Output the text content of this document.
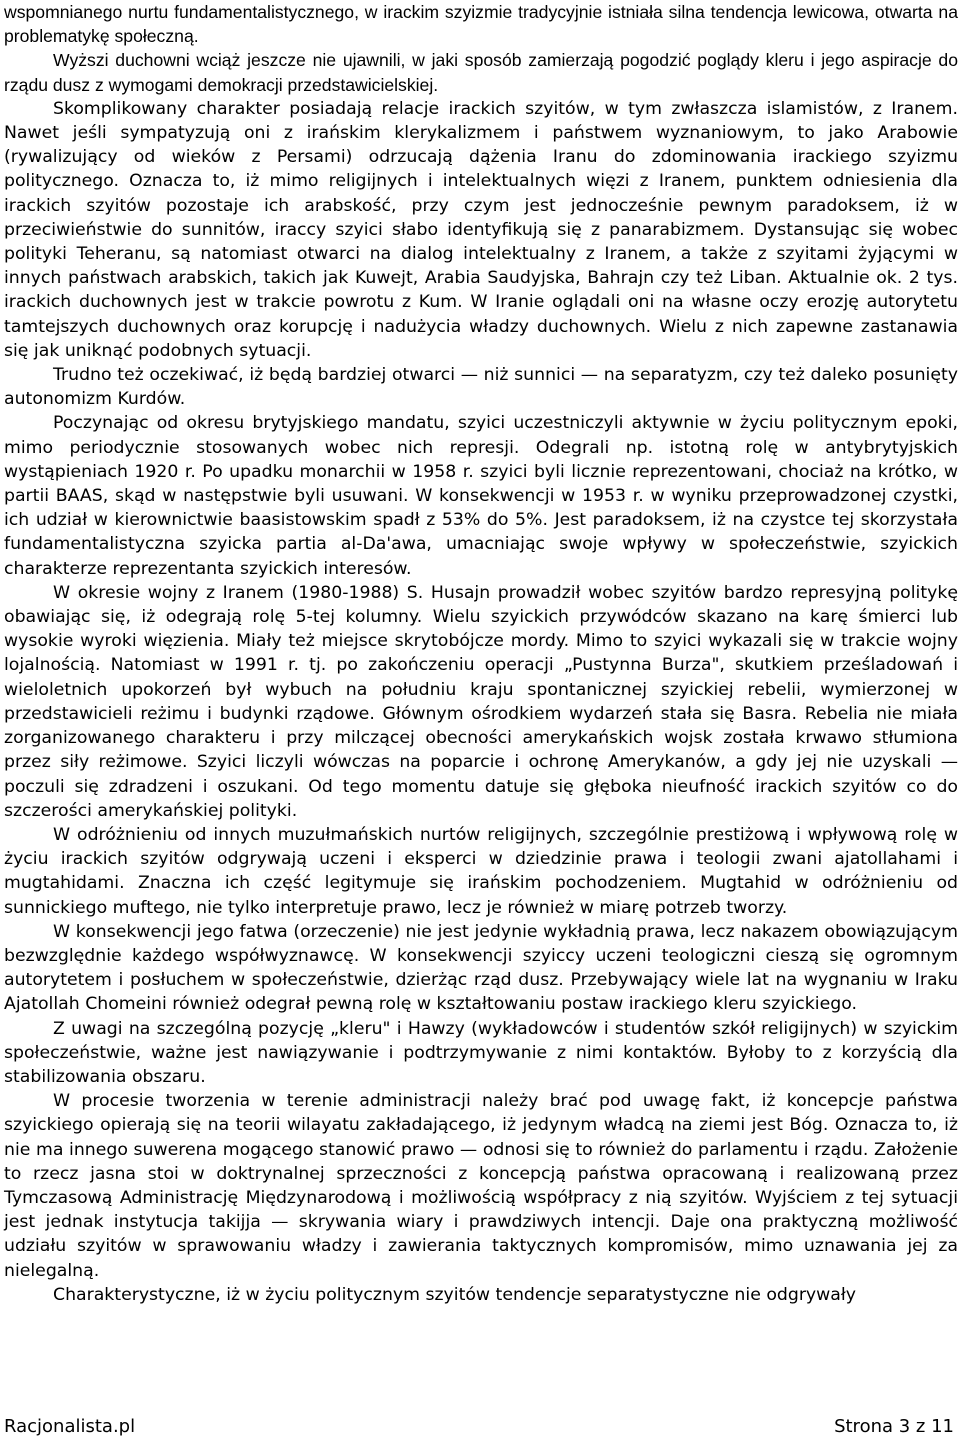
wspomnianego nurtu fundamentalistycznego, w irackim szyizmie tradycyjnie istniała silna tendencja lewicowa, otwarta na problematykę społeczną.

Wyższi duchowni wciąż jeszcze nie ujawnili, w jaki sposób zamierzają pogodzić poglądy kleru i jego aspiracje do rządu dusz z wymogami demokracji przedstawicielskiej.

Skomplikowany charakter posiadają relacje irackich szyitów, w tym zwłaszcza islamistów, z Iranem. Nawet jeśli sympatyzują oni z irańskim klerykalizmem i państwem wyznaniowym, to jako Arabowie (rywalizujący od wieków z Persami) odrzucają dążenia Iranu do zdominowania irackiego szyizmu politycznego. Oznacza to, iż mimo religijnych i intelektualnych więzi z Iranem, punktem odniesienia dla irackich szyitów pozostaje ich arabskość, przy czym jest jednocześnie pewnym paradoksem, iż w przeciwieństwie do sunnitów, iraccy szyici słabo identyfikują się z panarabizmem. Dystansując się wobec polityki Teheranu, są natomiast otwarci na dialog intelektualny z Iranem, a także z szyitami żyjącymi w innych państwach arabskich, takich jak Kuwejt, Arabia Saudyjska, Bahrajn czy też Liban. Aktualnie ok. 2 tys. irackich duchownych jest w trakcie powrotu z Kum. W Iranie oglądali oni na własne oczy erozję autorytetu tamtejszych duchownych oraz korupcję i nadużycia władzy duchownych. Wielu z nich zapewne zastanawia się jak uniknąć podobnych sytuacji.

Trudno też oczekiwać, iż będą bardziej otwarci — niż sunnici — na separatyzm, czy też daleko posunięty autonomizm Kurdów.

Poczynając od okresu brytyjskiego mandatu, szyici uczestniczyli aktywnie w życiu politycznym epoki, mimo periodycznie stosowanych wobec nich represji. Odegrali np. istotną rolę w antybrytyjskich wystąpieniach 1920 r. Po upadku monarchii w 1958 r. szyici byli licznie reprezentowani, chociaż na krótko, w partii BAAS, skąd w następstwie byli usuwani. W konsekwencji w 1953 r. w wyniku przeprowadzonej czystki, ich udział w kierownictwie baasistowskim spadł z 53% do 5%. Jest paradoksem, iż na czystce tej skorzystała fundamentalistyczna szyicka partia al-Da'awa, umacniając swoje wpływy w społeczeństwie, szyickich charakterze reprezentanta szyickich interesów.

W okresie wojny z Iranem (1980-1988) S. Husajn prowadził wobec szyitów bardzo represyjną politykę obawiając się, iż odegrają rolę 5-tej kolumny. Wielu szyickich przywódców skazano na karę śmierci lub wysokie wyroki więzienia. Miały też miejsce skrytobójcze mordy. Mimo to szyici wykazali się w trakcie wojny lojalnością. Natomiast w 1991 r. tj. po zakończeniu operacji „Pustynna Burza", skutkiem prześladowań i wieloletnich upokorzeń był wybuch na południu kraju spontanicznej szyickiej rebelii, wymierzonej w przedstawicieli reżimu i budynki rządowe. Głównym ośrodkiem wydarzeń stała się Basra. Rebelia nie miała zorganizowanego charakteru i przy milczącej obecności amerykańskich wojsk została krwawo stłumiona przez siły reżimowe. Szyici liczyli wówczas na poparcie i ochronę Amerykanów, a gdy jej nie uzyskali — poczuli się zdradzeni i oszukani. Od tego momentu datuje się głęboka nieufność irackich szyitów co do szczerości amerykańskiej polityki.

W odróżnieniu od innych muzułmańskich nurtów religijnych, szczególnie prestiżową i wpływową rolę w życiu irackich szyitów odgrywają uczeni i eksperci w dziedzinie prawa i teologii zwani ajatollahami i mugtahidami. Znaczna ich część legitymuje się irańskim pochodzeniem. Mugtahid w odróżnieniu od sunnickiego muftego, nie tylko interpretuje prawo, lecz je również w miarę potrzeb tworzy.

W konsekwencji jego fatwa (orzeczenie) nie jest jedynie wykładnią prawa, lecz nakazem obowiązującym bezwzględnie każdego współwyznawcę. W konsekwencji szyiccy uczeni teologiczni cieszą się ogromnym autorytetem i posłuchem w społeczeństwie, dzierżąc rząd dusz. Przebywający wiele lat na wygnaniu w Iraku Ajatollah Chomeini również odegrał pewną rolę w kształtowaniu postaw irackiego kleru szyickiego.

Z uwagi na szczególną pozycję „kleru" i Hawzy (wykładowców i studentów szkół religijnych) w szyickim społeczeństwie, ważne jest nawiązywanie i podtrzymywanie z nimi kontaktów. Byłoby to z korzyścią dla stabilizowania obszaru.

W procesie tworzenia w terenie administracji należy brać pod uwagę fakt, iż koncepcje państwa szyickiego opierają się na teorii wilayatu zakładającego, iż jedynym władcą na ziemi jest Bóg. Oznacza to, iż nie ma innego suwerena mogącego stanowić prawo — odnosi się to również do parlamentu i rządu. Założenie to rzecz jasna stoi w doktrynalnej sprzeczności z koncepcją państwa opracowaną i realizowaną przez Tymczasową Administrację Międzynarodową i możliwością współpracy z nią szyitów. Wyjściem z tej sytuacji jest jednak instytucja takijja — skrywania wiary i prawdziwych intencji. Daje ona praktyczną możliwość udziału szyitów w sprawowaniu władzy i zawierania taktycznych kompromisów, mimo uznawania jej za nielegalną.

Charakterystyczne, iż w życiu politycznym szyitów tendencje separatystyczne nie odgrywały

Racjonalista.pl	Strona 3 z 11
